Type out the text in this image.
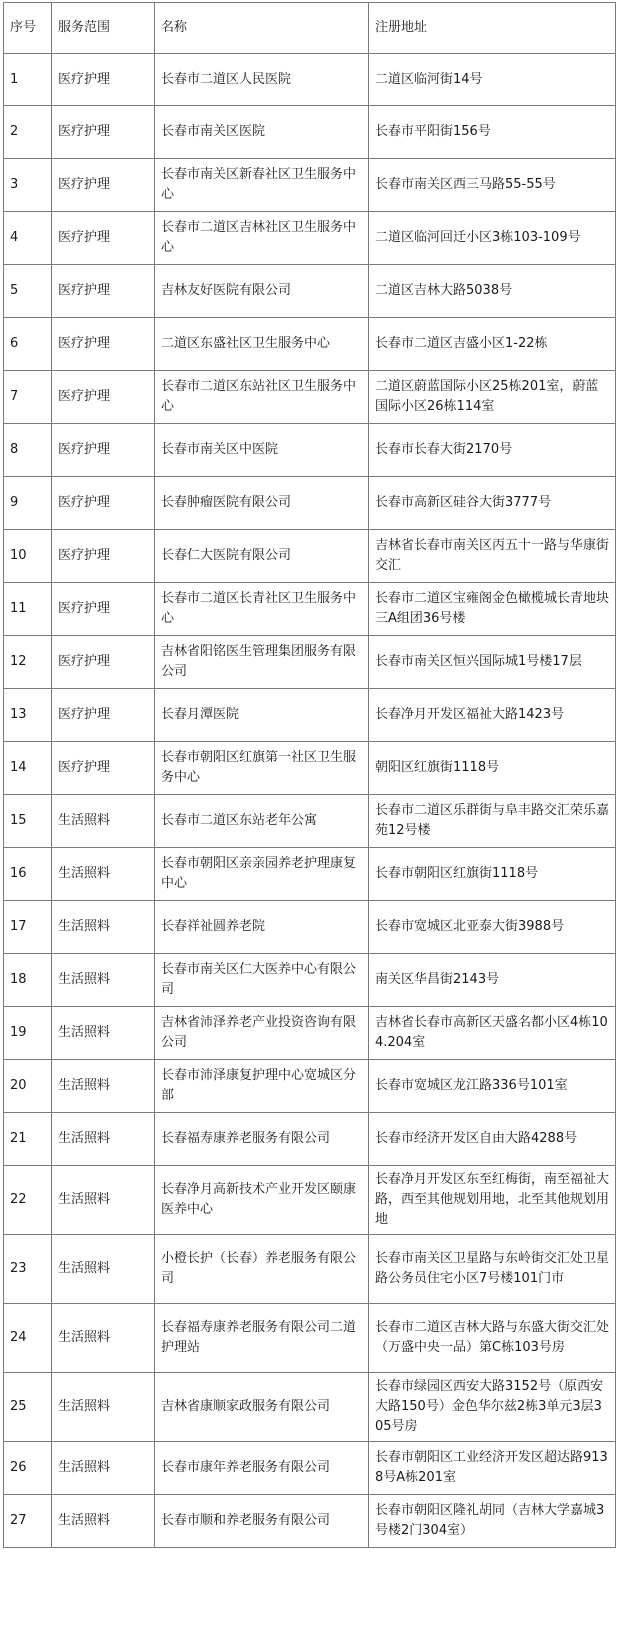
序号	服务范围	名称	注册地址
1	医疗护理	长春市二道区人民医院	二道区临河街14号
2	医疗护理	长春市南关区医院	长春市平阳街156号
3	医疗护理	长春市南关区新春社区卫生服务中心	长春市南关区西三马路55-55号
4	医疗护理	长春市二道区吉林社区卫生服务中心	二道区临河回迁小区3栋103-109号
5	医疗护理	吉林友好医院有限公司	二道区吉林大路5038号
6	医疗护理	二道区东盛社区卫生服务中心	长春市二道区吉盛小区1-22栋
7	医疗护理	长春市二道区东站社区卫生服务中心	二道区蔚蓝国际小区25栋201室，蔚蓝国际小区26栋114室
8	医疗护理	长春市南关区中医院	长春市长春大街2170号
9	医疗护理	长春肿瘤医院有限公司	长春市高新区硅谷大街3777号
10	医疗护理	长春仁大医院有限公司	吉林省长春市南关区丙五十一路与华康街交汇
11	医疗护理	长春市二道区长青社区卫生服务中心	长春市二道区宝雍阁金色橄榄城长青地块三A组团36号楼
12	医疗护理	吉林省阳铭医生管理集团服务有限公司	长春市南关区恒兴国际城1号楼17层
13	医疗护理	长春月潭医院	长春净月开发区福祉大路1423号
14	医疗护理	长春市朝阳区红旗第一社区卫生服务中心	朝阳区红旗街1118号
15	生活照料	长春市二道区东站老年公寓	长春市二道区乐群街与阜丰路交汇荣乐嘉苑12号楼
16	生活照料	长春市朝阳区亲亲园养老护理康复中心	长春市朝阳区红旗街1118号
17	生活照料	长春祥祉圆养老院	长春市宽城区北亚泰大街3988号
18	生活照料	长春市南关区仁大医养中心有限公司	南关区华昌街2143号
19	生活照料	吉林省沛泽养老产业投资咨询有限公司	吉林省长春市高新区天盛名都小区4栋104.204室
20	生活照料	长春市沛泽康复护理中心宽城区分部	长春市宽城区龙江路336号101室
21	生活照料	长春福寿康养老服务有限公司	长春市经济开发区自由大路4288号
22	生活照料	长春净月高新技术产业开发区颐康医养中心	长春净月开发区东至红梅街，南至福祉大路，西至其他规划用地，北至其他规划用地
23	生活照料	小橙长护（长春）养老服务有限公司	长春市南关区卫星路与东岭街交汇处卫星路公务员住宅小区7号楼101门市
24	生活照料	长春福寿康养老服务有限公司二道护理站	长春市二道区吉林大路与东盛大街交汇处（万盛中央一品）第C栋103号房
25	生活照料	吉林省康顺家政服务有限公司	长春市绿园区西安大路3152号（原西安大路150号）金色华尔兹2栋3单元3层305号房
26	生活照料	长春市康年养老服务有限公司	长春市朝阳区工业经济开发区超达路9138号A栋201室
27	生活照料	长春市顺和养老服务有限公司	长春市朝阳区隆礼胡同（吉林大学嘉城3号楼2门304室）
